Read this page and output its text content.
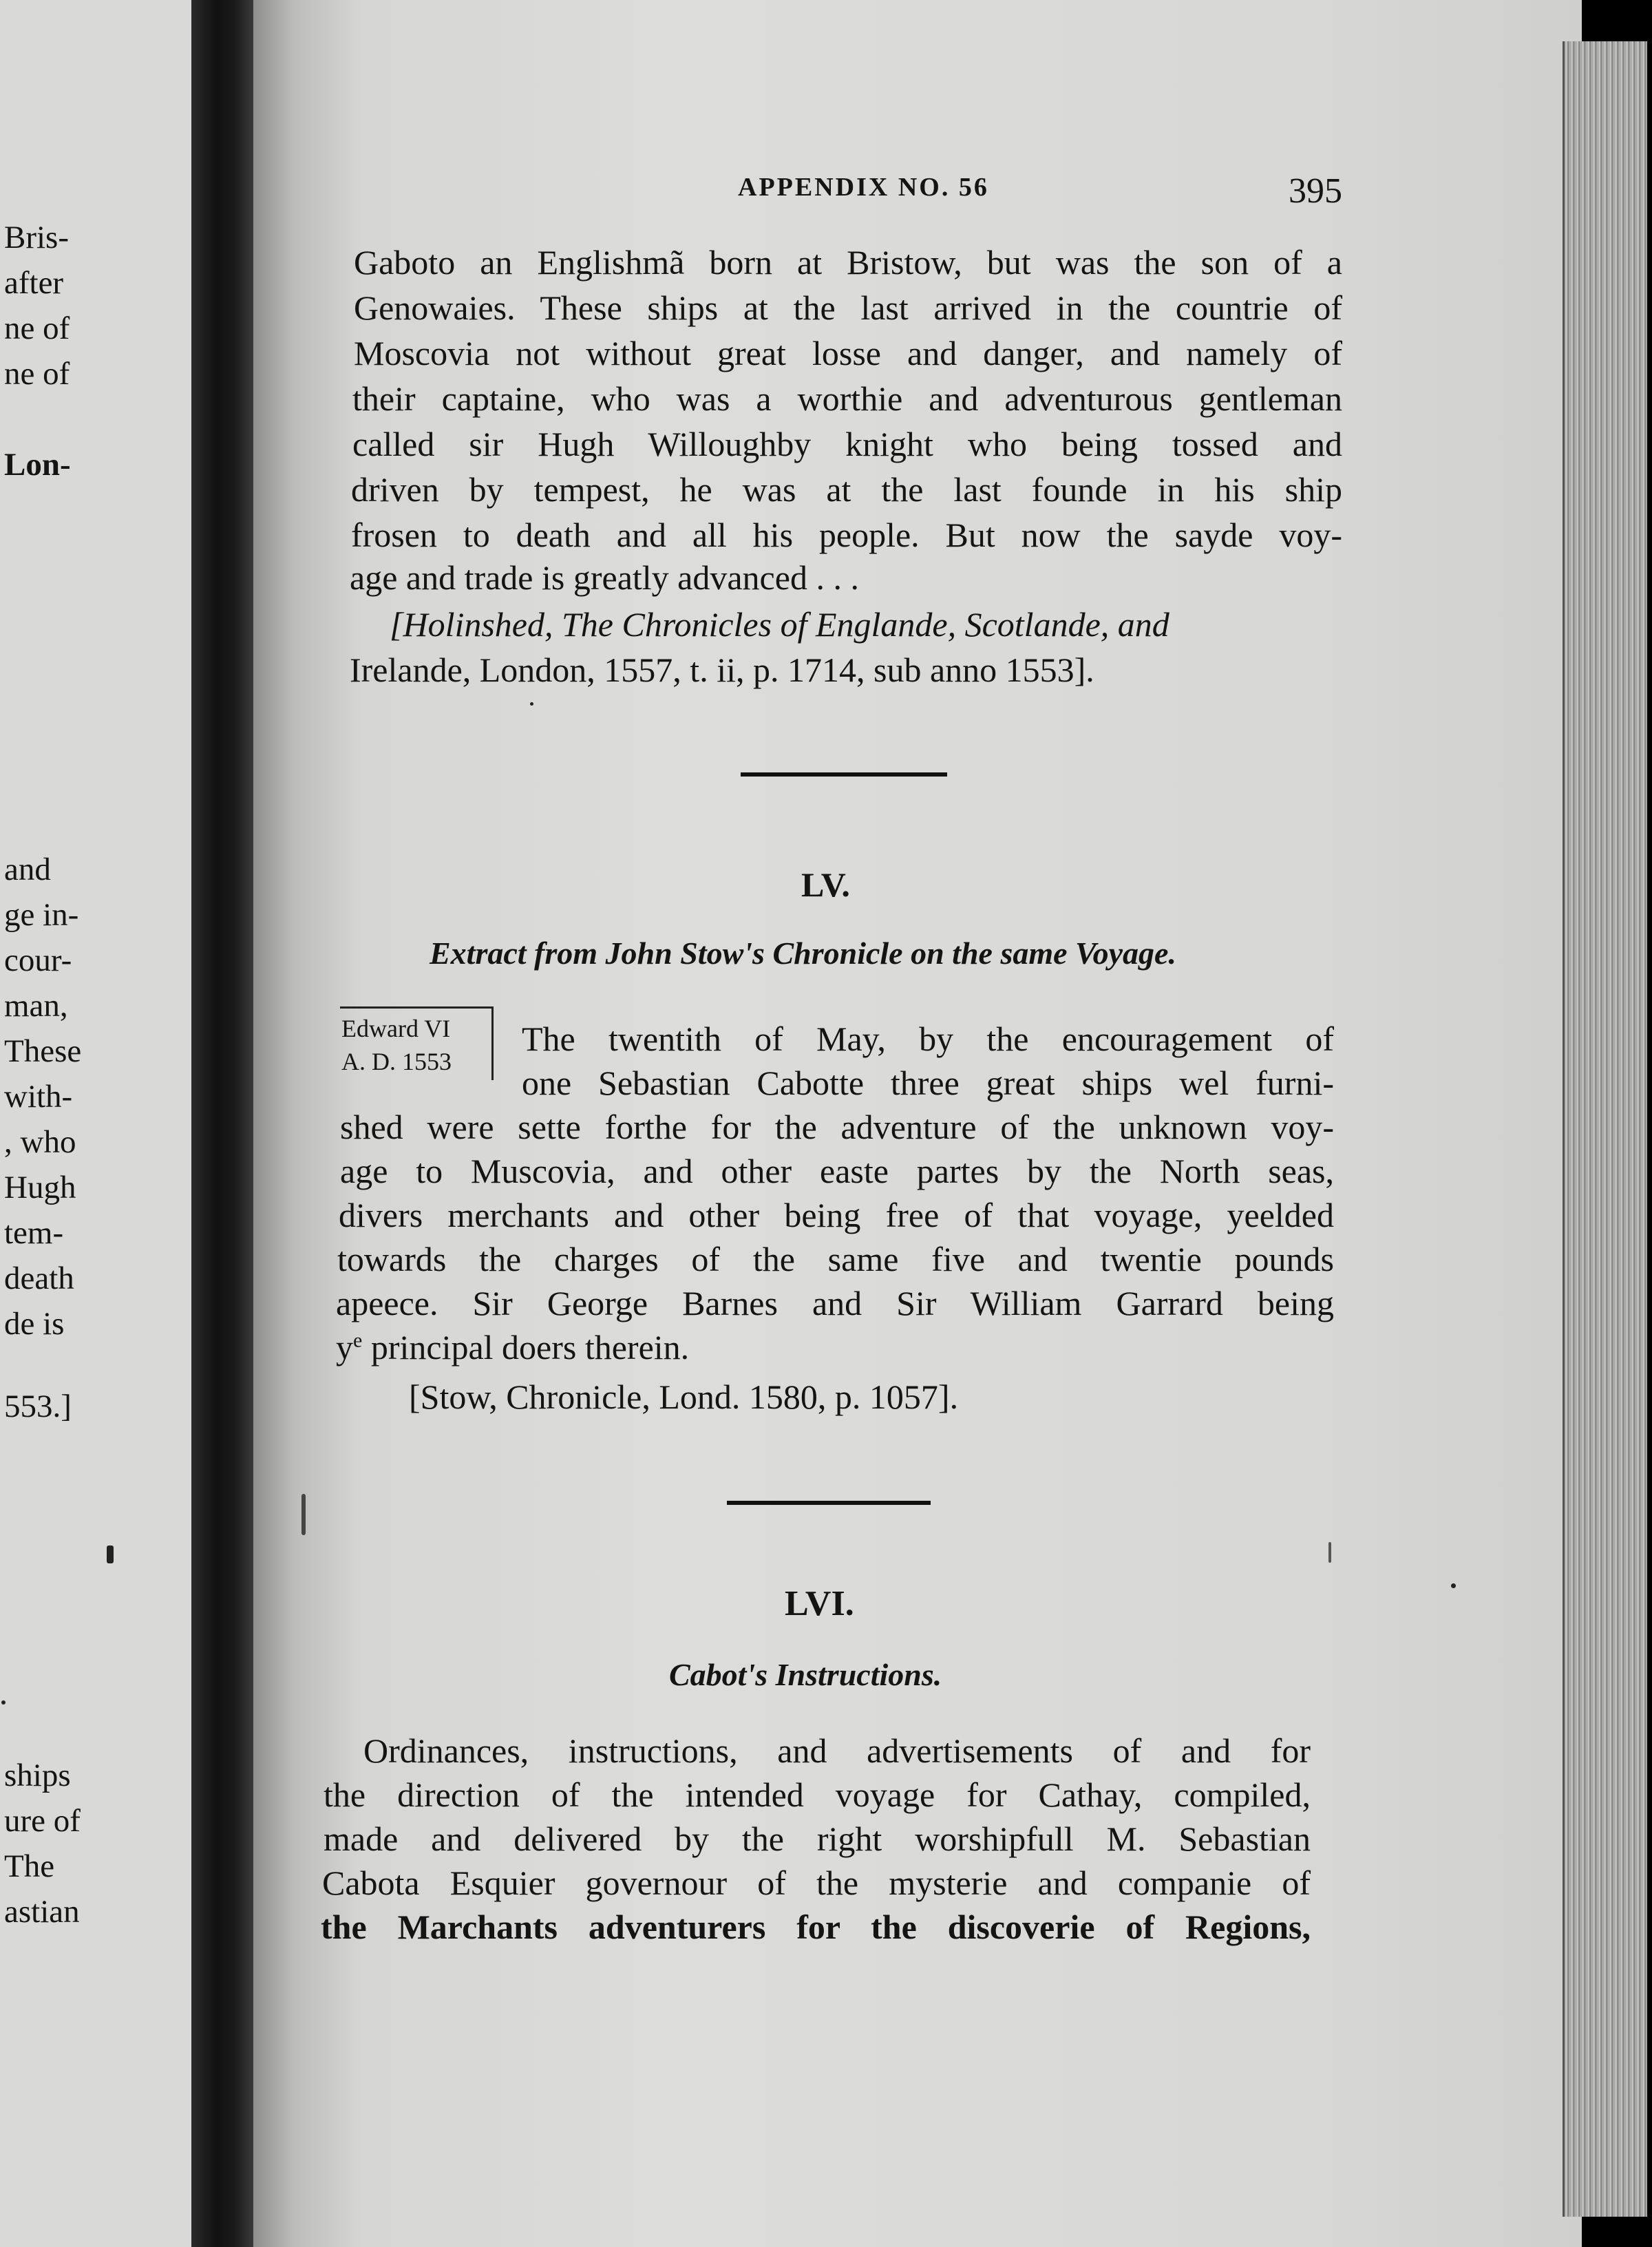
Bris-
after
ne of
ne of
Lon-
and
ge in-
cour-
man,
These
with-
, who
Hugh
tem-
death
de is
553.]
ships
ure of
The
astian
APPENDIX NO. 56	395
Gaboto an Englishmã born at Bristow, but was the son of a
Genowaies. These ships at the last arrived in the countrie of
Moscovia not without great losse and danger, and namely of
their captaine, who was a worthie and adventurous gentleman
called sir Hugh Willoughby knight who being tossed and
driven by tempest, he was at the last founde in his ship
frosen to death and all his people. But now the sayde voy-
age and trade is greatly advanced . . .
[Holinshed, The Chronicles of Englande, Scotlande, and
Irelande, London, 1557, t. ii, p. 1714, sub anno 1553].
LV.
Extract from John Stow's Chronicle on the same Voyage.
Edward VI
A. D. 1553
The twentith of May, by the encouragement of
one Sebastian Cabotte three great ships wel furni-
shed were sette forthe for the adventure of the unknown voy-
age to Muscovia, and other easte partes by the North seas,
divers merchants and other being free of that voyage, yeelded
towards the charges of the same five and twentie pounds
apeece. Sir George Barnes and Sir William Garrard being
$y^e$ principal doers therein.
[Stow, Chronicle, Lond. 1580, p. 1057].
LVI.
Cabot's Instructions.
Ordinances, instructions, and advertisements of and for
the direction of the intended voyage for Cathay, compiled,
made and delivered by the right worshipfull M. Sebastian
Cabota Esquier governour of the mysterie and companie of
the Marchants adventurers for the discoverie of Regions,
